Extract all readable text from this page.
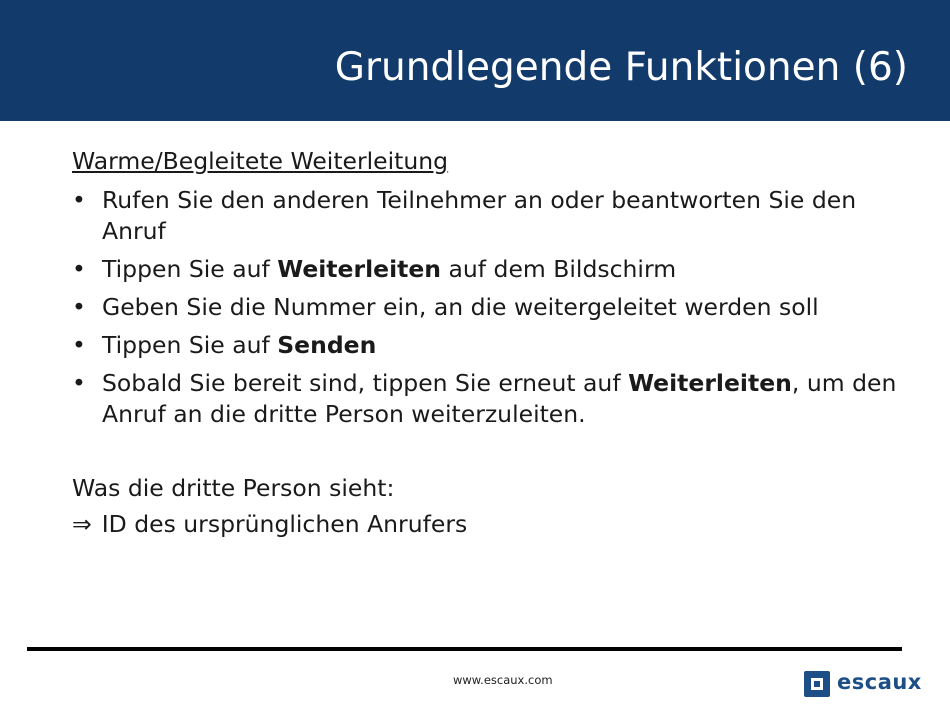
Grundlegende Funktionen (6)
Warme/Begleitete Weiterleitung
• Rufen Sie den anderen Teilnehmer an oder beantworten Sie den Anruf
• Tippen Sie auf Weiterleiten auf dem Bildschirm
• Geben Sie die Nummer ein, an die weitergeleitet werden soll
• Tippen Sie auf Senden
• Sobald Sie bereit sind, tippen Sie erneut auf Weiterleiten, um den Anruf an die dritte Person weiterzuleiten.
Was die dritte Person sieht:
⇒ ID des ursprünglichen Anrufers
www.escaux.com	escaux
